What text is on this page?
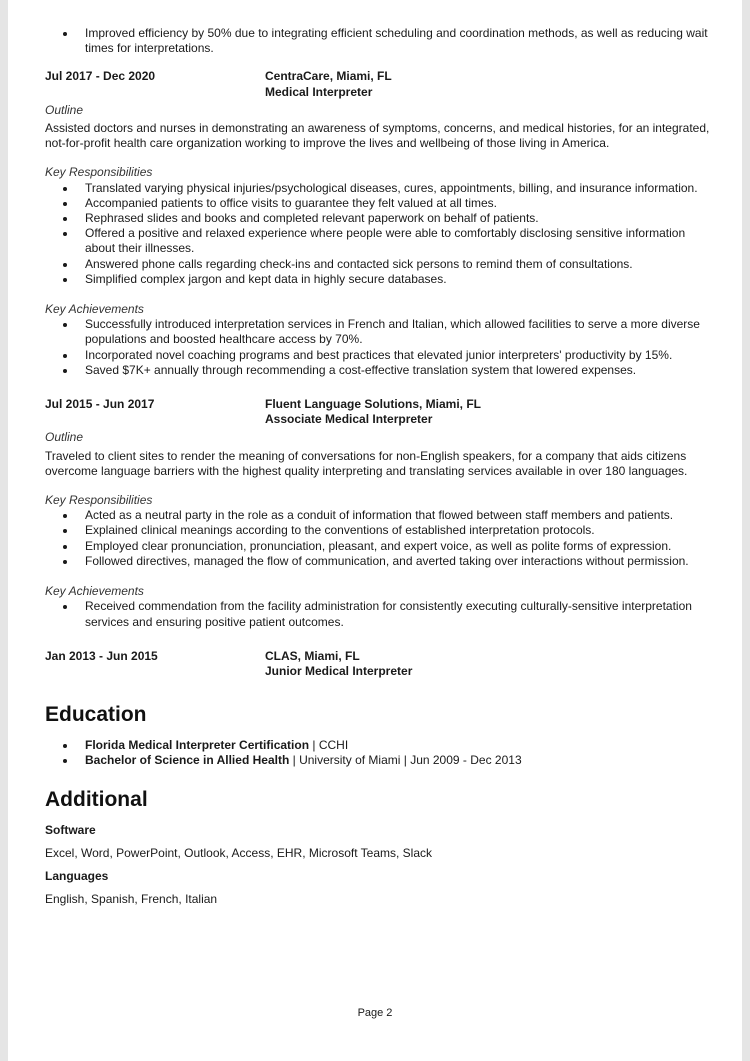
Improved efficiency by 50% due to integrating efficient scheduling and coordination methods, as well as reducing wait times for interpretations.
Jul 2017 - Dec 2020	CentraCare, Miami, FL
Medical Interpreter
Outline
Assisted doctors and nurses in demonstrating an awareness of symptoms, concerns, and medical histories, for an integrated, not-for-profit health care organization working to improve the lives and wellbeing of those living in America.
Key Responsibilities
Translated varying physical injuries/psychological diseases, cures, appointments, billing, and insurance information.
Accompanied patients to office visits to guarantee they felt valued at all times.
Rephrased slides and books and completed relevant paperwork on behalf of patients.
Offered a positive and relaxed experience where people were able to comfortably disclosing sensitive information about their illnesses.
Answered phone calls regarding check-ins and contacted sick persons to remind them of consultations.
Simplified complex jargon and kept data in highly secure databases.
Key Achievements
Successfully introduced interpretation services in French and Italian, which allowed facilities to serve a more diverse populations and boosted healthcare access by 70%.
Incorporated novel coaching programs and best practices that elevated junior interpreters' productivity by 15%.
Saved $7K+ annually through recommending a cost-effective translation system that lowered expenses.
Jul 2015 - Jun 2017	Fluent Language Solutions, Miami, FL
Associate Medical Interpreter
Outline
Traveled to client sites to render the meaning of conversations for non-English speakers, for a company that aids citizens overcome language barriers with the highest quality interpreting and translating services available in over 180 languages.
Key Responsibilities
Acted as a neutral party in the role as a conduit of information that flowed between staff members and patients.
Explained clinical meanings according to the conventions of established interpretation protocols.
Employed clear pronunciation, pronunciation, pleasant, and expert voice, as well as polite forms of expression.
Followed directives, managed the flow of communication, and averted taking over interactions without permission.
Key Achievements
Received commendation from the facility administration for consistently executing culturally-sensitive interpretation services and ensuring positive patient outcomes.
Jan 2013 - Jun 2015	CLAS, Miami, FL
Junior Medical Interpreter
Education
Florida Medical Interpreter Certification | CCHI
Bachelor of Science in Allied Health | University of Miami | Jun 2009 - Dec 2013
Additional
Software
Excel, Word, PowerPoint, Outlook, Access, EHR, Microsoft Teams, Slack
Languages
English, Spanish, French, Italian
Page 2
